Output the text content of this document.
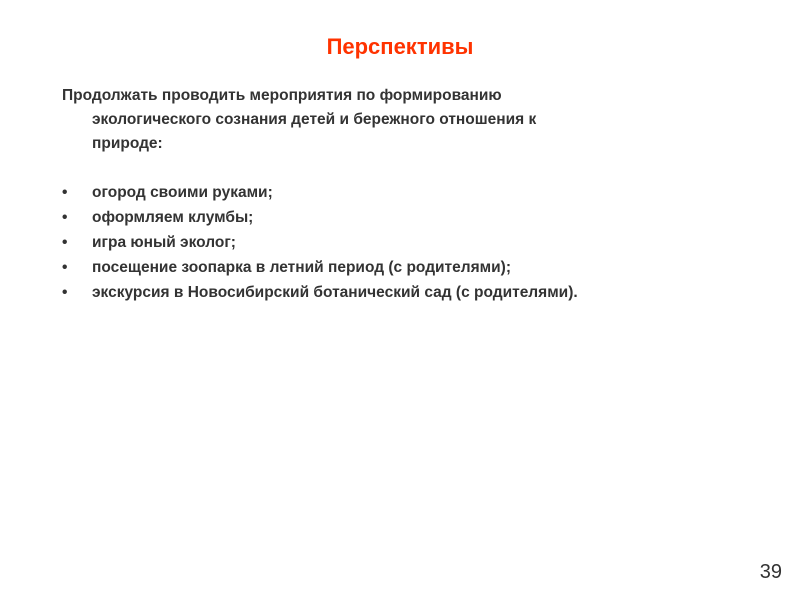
Перспективы
Продолжать проводить мероприятия по формированию
экологического сознания детей и бережного отношения к
природе:
•	огород своими руками;
•	оформляем клумбы;
•	игра юный эколог;
•	посещение зоопарка в летний период (с родителями);
•	экскурсия в Новосибирский ботанический сад (с родителями).
39
